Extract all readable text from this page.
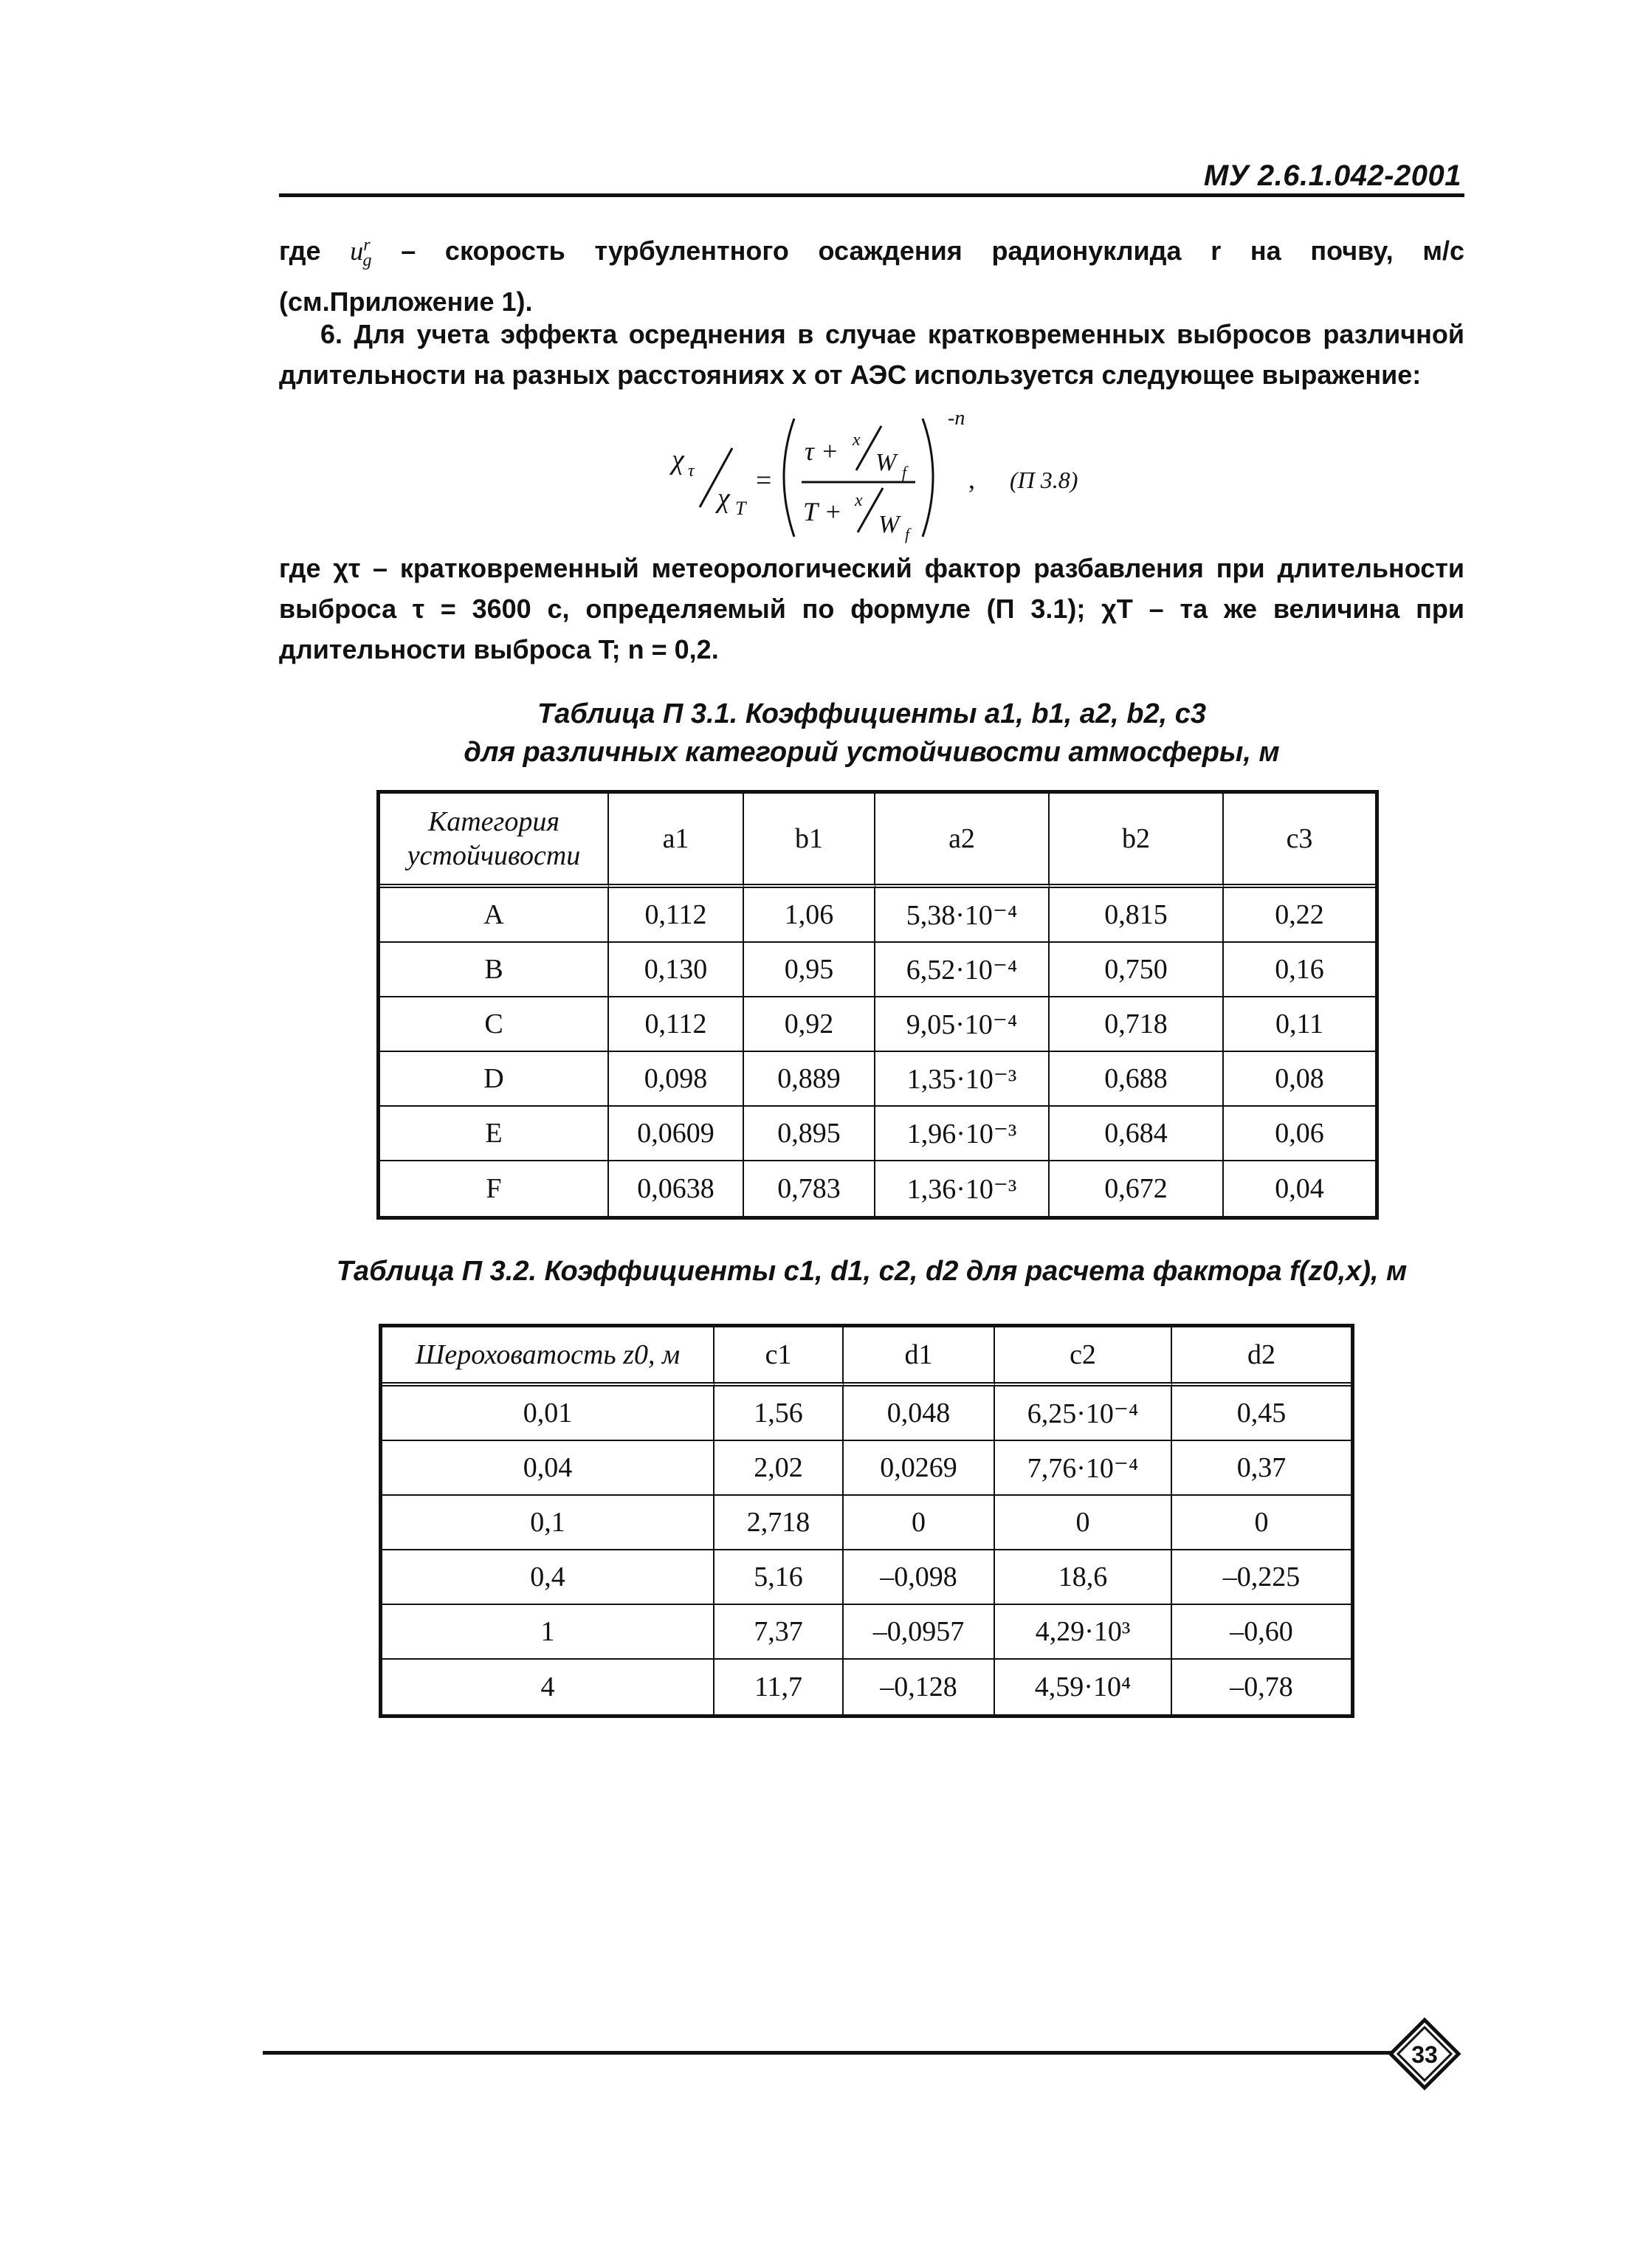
МУ 2.6.1.042-2001
где $u^r_g$ – скорость турбулентного осаждения радионуклида r на почву, м/с (см.Приложение 1).
6. Для учета эффекта осреднения в случае кратковременных выбросов различной длительности на разных расстояниях x от АЭС используется следующее выражение:
χ τ
χ T
=
τ + x
W f
T + x
W f
-n
, (П 3.8)
где χτ – кратковременный метеорологический фактор разбавления при длительности выброса τ = 3600 с, определяемый по формуле (П 3.1); χT – та же величина при длительности выброса T; n = 0,2.
Таблица П 3.1. Коэффициенты a1, b1, a2, b2, c3
для различных категорий устойчивости атмосферы, м
Категория устойчивости	a1	b1	a2	b2	c3
A	0,112	1,06	5,38·10⁻⁴	0,815	0,22
B	0,130	0,95	6,52·10⁻⁴	0,750	0,16
C	0,112	0,92	9,05·10⁻⁴	0,718	0,11
D	0,098	0,889	1,35·10⁻³	0,688	0,08
E	0,0609	0,895	1,96·10⁻³	0,684	0,06
F	0,0638	0,783	1,36·10⁻³	0,672	0,04
Таблица П 3.2. Коэффициенты c1, d1, c2, d2 для расчета фактора f(z0,x), м
Шероховатость z0, м	c1	d1	c2	d2
0,01	1,56	0,048	6,25·10⁻⁴	0,45
0,04	2,02	0,0269	7,76·10⁻⁴	0,37
0,1	2,718	0	0	0
0,4	5,16	–0,098	18,6	–0,225
1	7,37	–0,0957	4,29·10³	–0,60
4	11,7	–0,128	4,59·10⁴	–0,78
33
